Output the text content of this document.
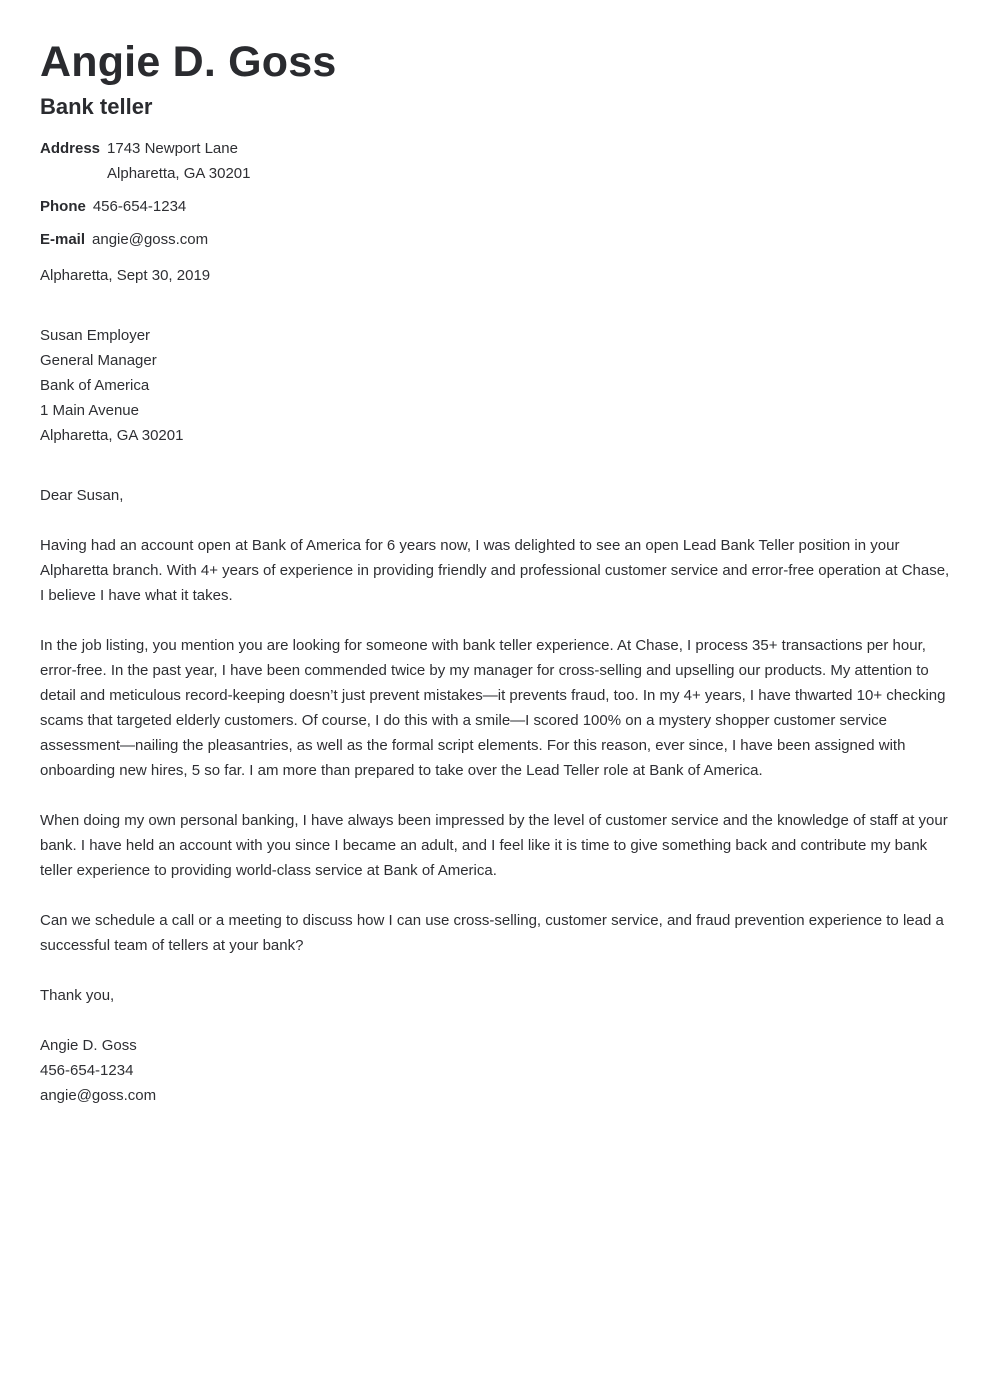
Angie D. Goss
Bank teller
Address 1743 Newport Lane
Alpharetta, GA 30201
Phone 456-654-1234
E-mail angie@goss.com
Alpharetta, Sept 30, 2019
Susan Employer
General Manager
Bank of America
1 Main Avenue
Alpharetta, GA 30201
Dear Susan,

Having had an account open at Bank of America for 6 years now, I was delighted to see an open Lead Bank Teller position in your Alpharetta branch. With 4+ years of experience in providing friendly and professional customer service and error-free operation at Chase, I believe I have what it takes.

In the job listing, you mention you are looking for someone with bank teller experience. At Chase, I process 35+ transactions per hour, error-free. In the past year, I have been commended twice by my manager for cross-selling and upselling our products. My attention to detail and meticulous record-keeping doesn’t just prevent mistakes—it prevents fraud, too. In my 4+ years, I have thwarted 10+ checking scams that targeted elderly customers. Of course, I do this with a smile—I scored 100% on a mystery shopper customer service assessment—nailing the pleasantries, as well as the formal script elements. For this reason, ever since, I have been assigned with onboarding new hires, 5 so far. I am more than prepared to take over the Lead Teller role at Bank of America.

When doing my own personal banking, I have always been impressed by the level of customer service and the knowledge of staff at your bank. I have held an account with you since I became an adult, and I feel like it is time to give something back and contribute my bank teller experience to providing world-class service at Bank of America.

Can we schedule a call or a meeting to discuss how I can use cross-selling, customer service, and fraud prevention experience to lead a successful team of tellers at your bank?

Thank you,
Angie D. Goss
456-654-1234
angie@goss.com
